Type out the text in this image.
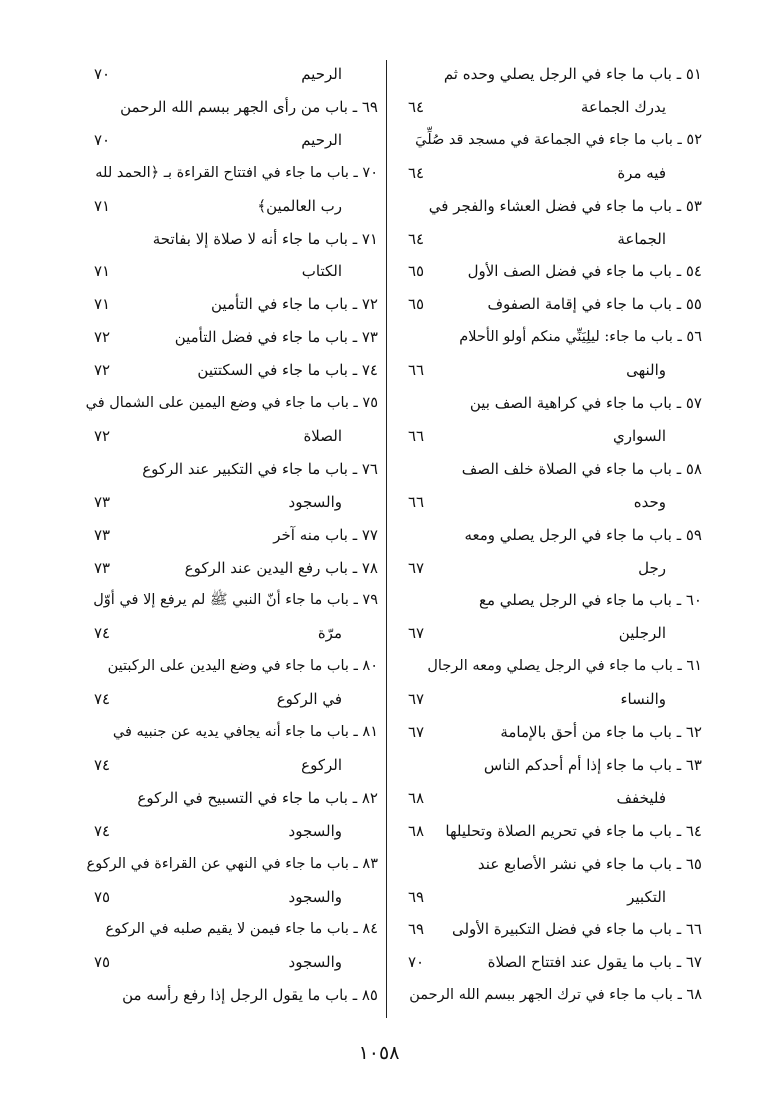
٥١ ـ باب ما جاء في الرجل يصلي وحده ثم
يدرك الجماعة
٦٤
٥٢ ـ باب ما جاء في الجماعة في مسجد قد صُلِّيَ
فيه مرة
٦٤
٥٣ ـ باب ما جاء في فضل العشاء والفجر في
الجماعة
٦٤
٥٤ ـ باب ما جاء في فضل الصف الأول
٦٥
٥٥ ـ باب ما جاء في إقامة الصفوف
٦٥
٥٦ ـ باب ما جاء: ليلِيَنِّي منكم أولو الأحلام
والنهى
٦٦
٥٧ ـ باب ما جاء في كراهية الصف بين
السواري
٦٦
٥٨ ـ باب ما جاء في الصلاة خلف الصف
وحده
٦٦
٥٩ ـ باب ما جاء في الرجل يصلي ومعه
رجل
٦٧
٦٠ ـ باب ما جاء في الرجل يصلي مع
الرجلين
٦٧
٦١ ـ باب ما جاء في الرجل يصلي ومعه الرجال
والنساء
٦٧
٦٢ ـ باب ما جاء من أحق بالإمامة
٦٧
٦٣ ـ باب ما جاء إذا أم أحدكم الناس
فليخفف
٦٨
٦٤ ـ باب ما جاء في تحريم الصلاة وتحليلها
٦٨
٦٥ ـ باب ما جاء في نشر الأصابع عند
التكبير
٦٩
٦٦ ـ باب ما جاء في فضل التكبيرة الأولى
٦٩
٦٧ ـ باب ما يقول عند افتتاح الصلاة
٧٠
٦٨ ـ باب ما جاء في ترك الجهر ببسم الله الرحمن
الرحيم
٧٠
٦٩ ـ باب من رأى الجهر ببسم الله الرحمن
الرحيم
٧٠
٧٠ ـ باب ما جاء في افتتاح القراءة بـ ﴿الحمد لله
رب العالمين﴾
٧١
٧١ ـ باب ما جاء أنه لا صلاة إلا بفاتحة
الكتاب
٧١
٧٢ ـ باب ما جاء في التأمين
٧١
٧٣ ـ باب ما جاء في فضل التأمين
٧٢
٧٤ ـ باب ما جاء في السكتتين
٧٢
٧٥ ـ باب ما جاء في وضع اليمين على الشمال في
الصلاة
٧٢
٧٦ ـ باب ما جاء في التكبير عند الركوع
والسجود
٧٣
٧٧ ـ باب منه آخر
٧٣
٧٨ ـ باب رفع اليدين عند الركوع
٧٣
٧٩ ـ باب ما جاء أنّ النبي ﷺ لم يرفع إلا في أوّل
مرّة
٧٤
٨٠ ـ باب ما جاء في وضع اليدين على الركبتين
في الركوع
٧٤
٨١ ـ باب ما جاء أنه يجافي يديه عن جنبيه في
الركوع
٧٤
٨٢ ـ باب ما جاء في التسبيح في الركوع
والسجود
٧٤
٨٣ ـ باب ما جاء في النهي عن القراءة في الركوع
والسجود
٧٥
٨٤ ـ باب ما جاء فيمن لا يقيم صلبه في الركوع
والسجود
٧٥
٨٥ ـ باب ما يقول الرجل إذا رفع رأسه من
١٠٥٨
